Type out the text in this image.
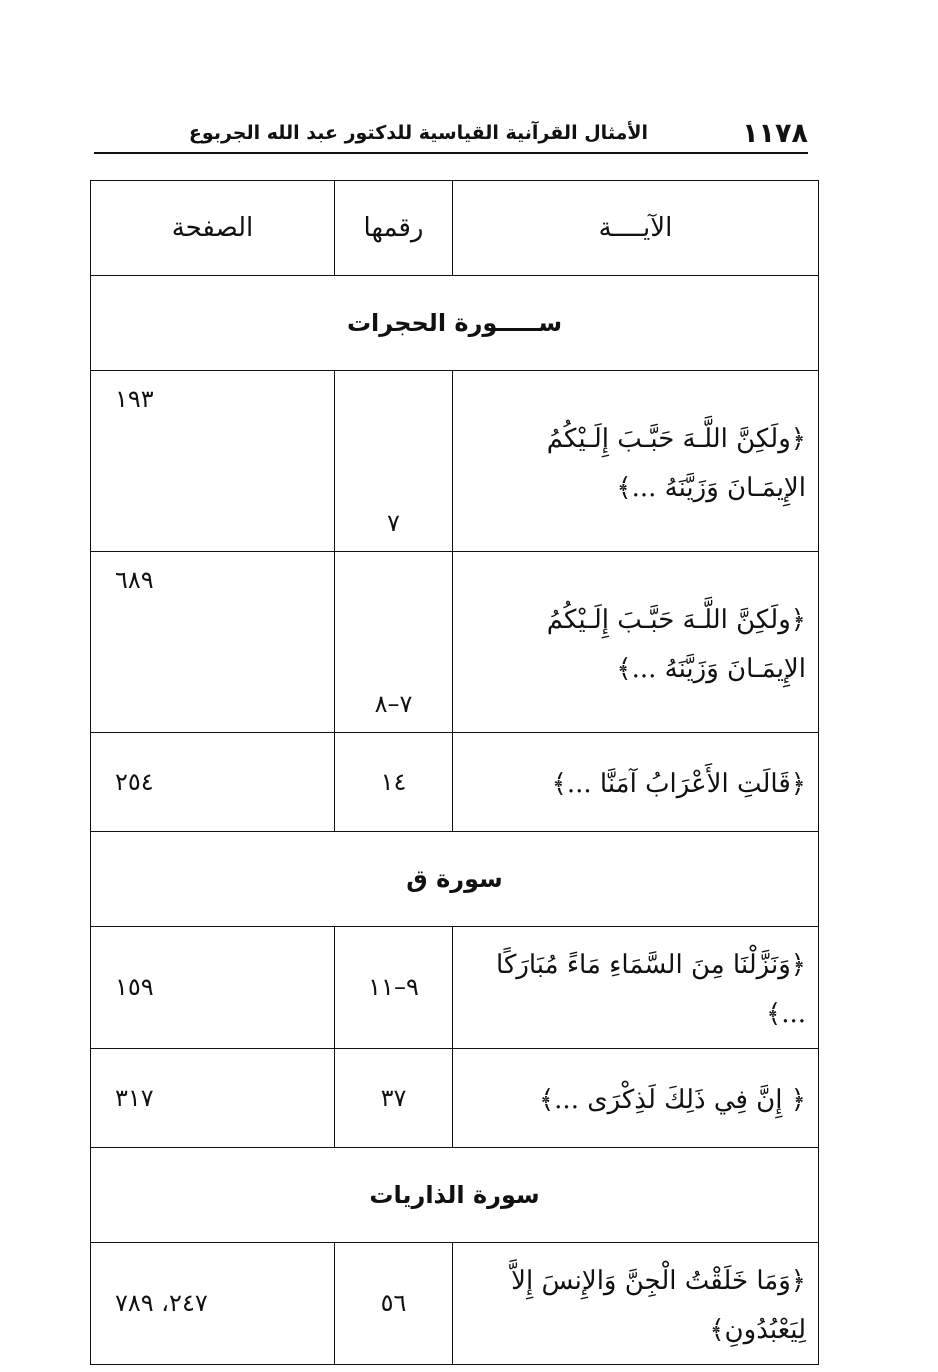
١١٧٨
الأمثال القرآنية القياسية للدكتور عبد الله الجربوع
الآيــــة	رقمها	الصفحة
ســـــورة الحجرات		
﴿ولَكِنَّ اللَّـهَ حَبَّـبَ إِلَـيْكُمُ الإِيمَـانَ وَزَيَّنَهُ ...﴾	٧	١٩٣
﴿ولَكِنَّ اللَّـهَ حَبَّـبَ إِلَـيْكُمُ الإِيمَـانَ وَزَيَّنَهُ ...﴾	٧–٨	٦٨٩
﴿قَالَتِ الأَعْرَابُ آمَنَّا ...﴾	١٤	٢٥٤
سورة ق		
﴿وَنَزَّلْنَا مِنَ السَّمَاءِ مَاءً مُبَارَكًا ...﴾	٩–١١	١٥٩
﴿ إِنَّ فِي ذَلِكَ لَذِكْرَى ...﴾	٣٧	٣١٧
سورة الذاريات		
﴿وَمَا خَلَقْتُ الْجِنَّ وَالإِنسَ إِلاَّ لِيَعْبُدُونِ﴾	٥٦	٢٤٧، ٧٨٩
